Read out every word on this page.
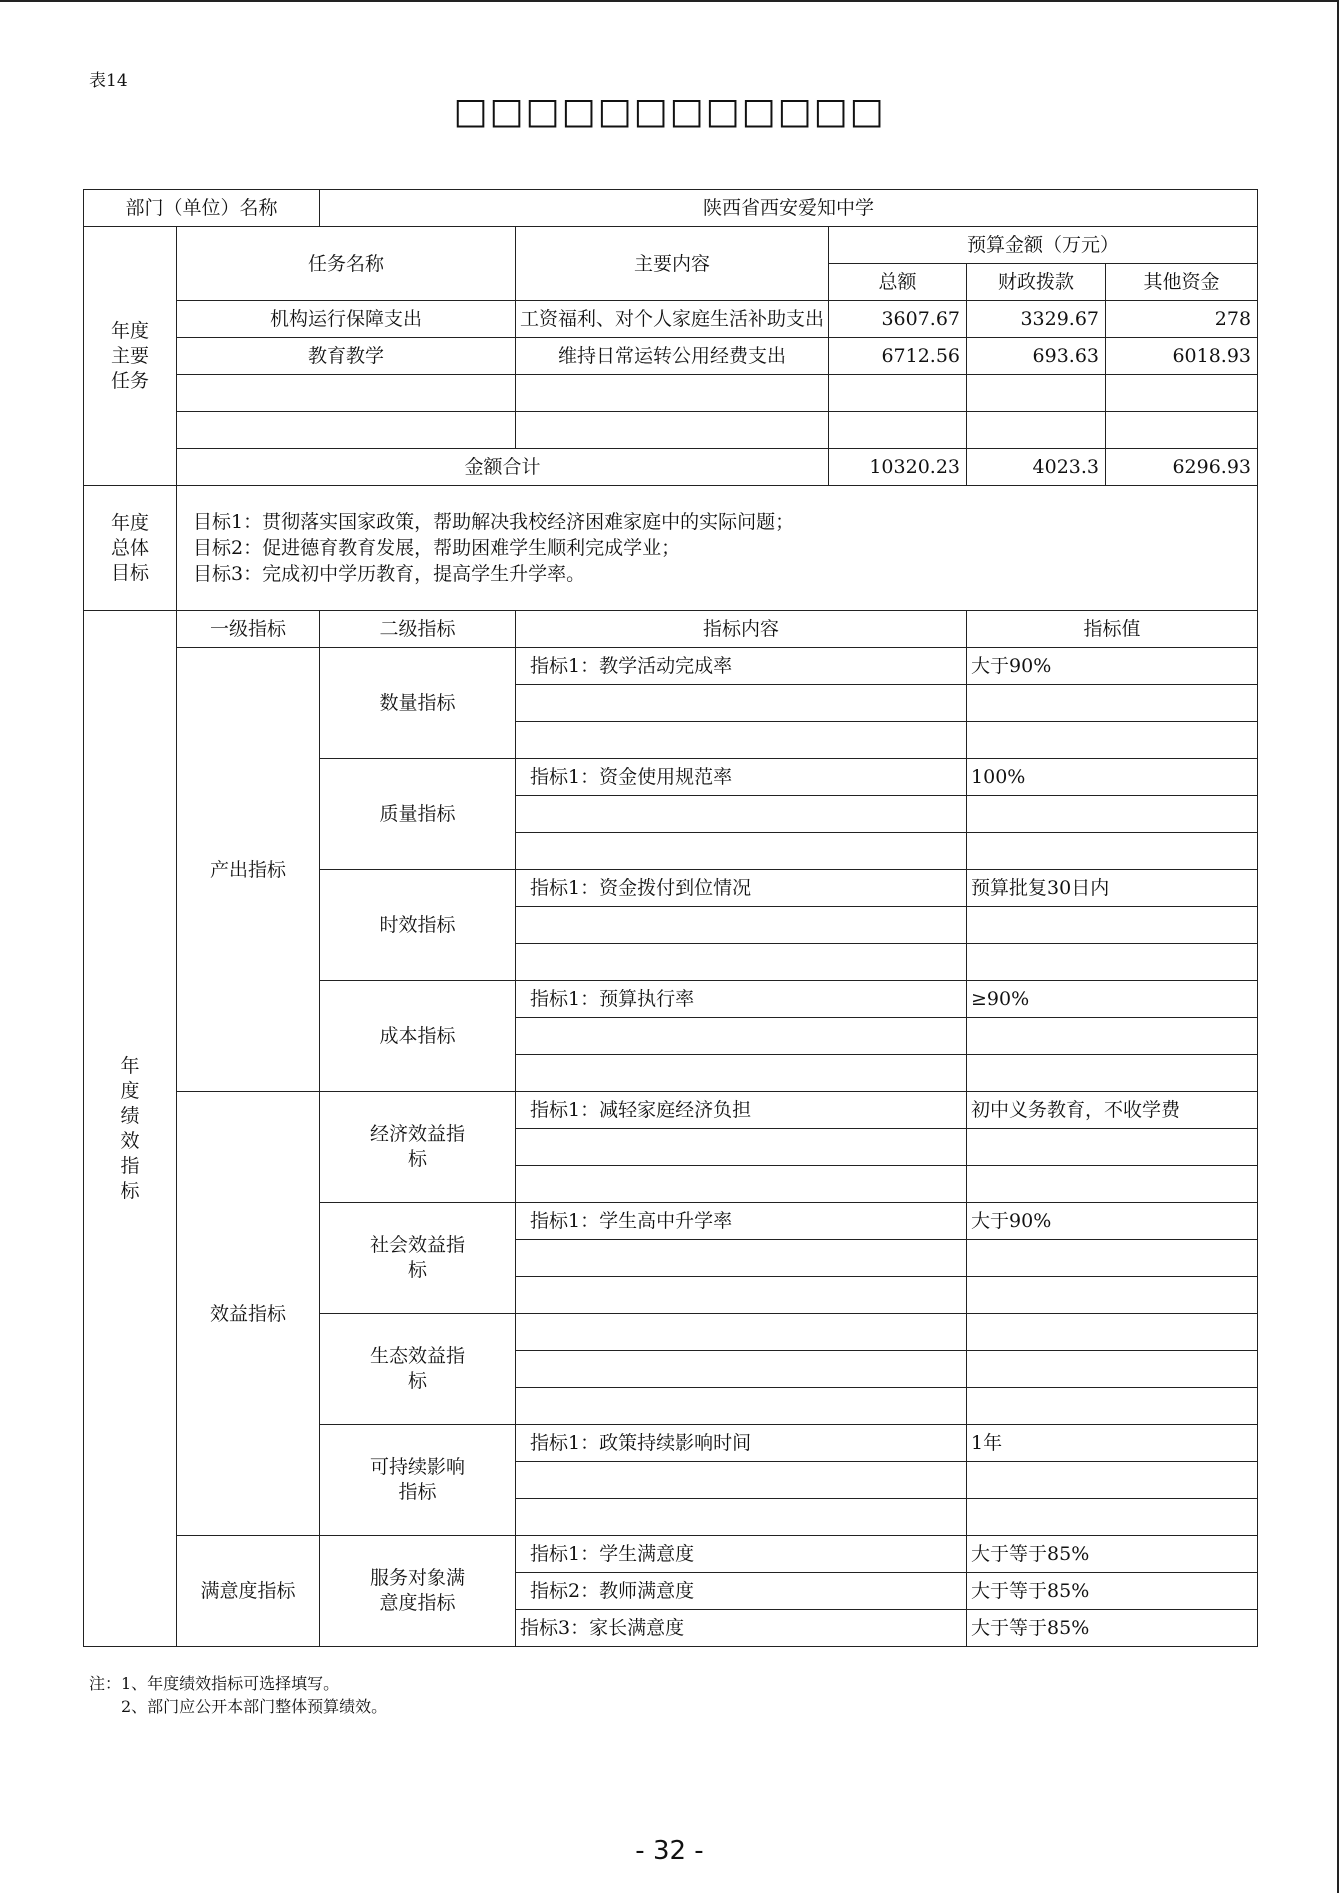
表14
□□□□□□□□□□□□
部门（单位）名称		陕西省西安爱知中学				
年度主要任务	任务名称		主要内容	预算金额（万元）		
				总额	财政拨款	其他资金
	机构运行保障支出		工资福利、对个人家庭生活补助支出	3607.67	3329.67	278
	教育教学		维持日常运转公用经费支出	6712.56	693.63	6018.93

	金额合计			10320.23	4023.3	6296.93
年度总体目标	目标1：贯彻落实国家政策，帮助解决我校经济困难家庭中的实际问题；
目标2：促进德育教育发展，帮助困难学生顺利完成学业；
目标3：完成初中学历教育，提高学生升学率。					

年度绩效指标	一级指标	二级指标	指标内容		指标值	
	产出指标	数量指标	指标1：教学活动完成率		大于90%	

		质量指标	指标1：资金使用规范率		100%	

		时效指标	指标1：资金拨付到位情况		预算批复30日内	

		成本指标	指标1：预算执行率		≥90%	

	效益指标	经济效益指标	指标1：减轻家庭经济负担		初中义务教育，不收学费	

		社会效益指标	指标1：学生高中升学率		大于90%	

		生态效益指标				

		可持续影响指标	指标1：政策持续影响时间		1年	

	满意度指标	服务对象满意度指标	指标1：学生满意度		大于等于85%	
			指标2：教师满意度		大于等于85%	
			指标3：家长满意度		大于等于85%	
注：1、年度绩效指标可选择填写。
2、部门应公开本部门整体预算绩效。
- 32 -
